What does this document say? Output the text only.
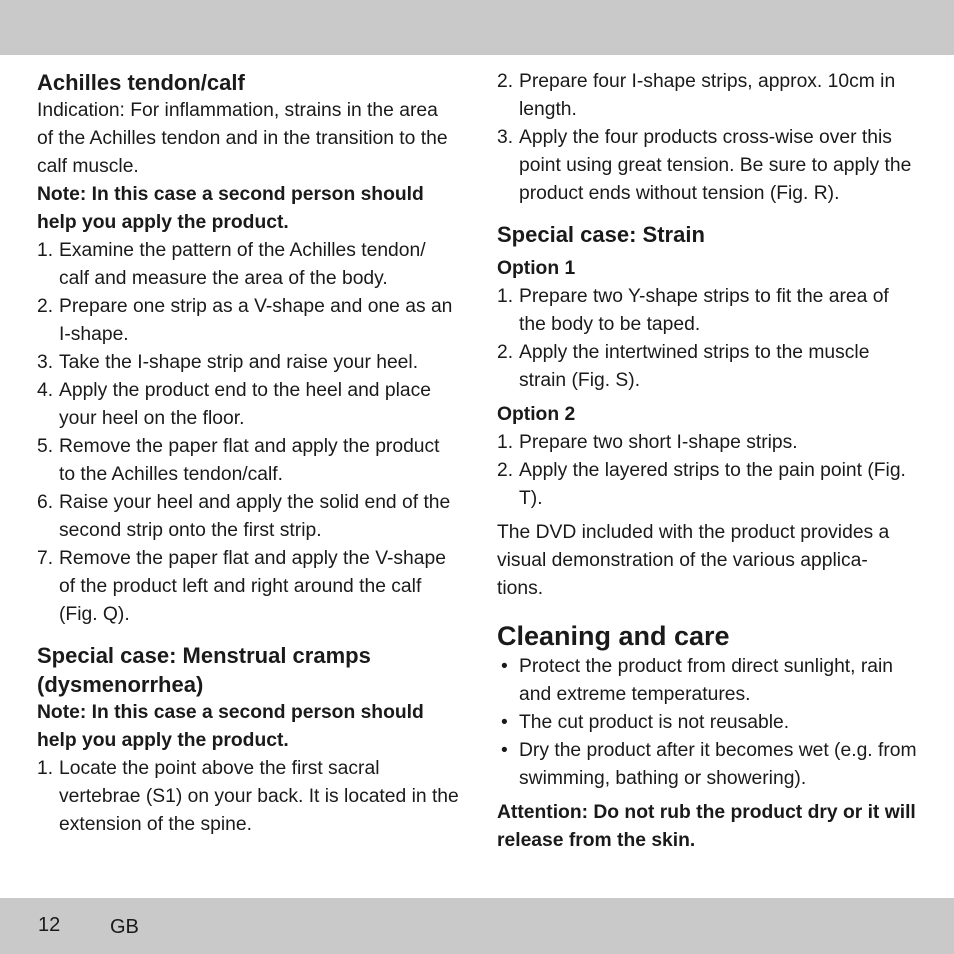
Achilles tendon/calf

Indication: For inflammation, strains in the area of the Achilles tendon and in the transition to the calf muscle.

Note: In this case a second person should help you apply the product.

1. Examine the pattern of the Achilles tendon/ calf and measure the area of the body.
2. Prepare one strip as a V-shape and one as an I-shape.
3. Take the I-shape strip and raise your heel.
4. Apply the product end to the heel and place your heel on the floor.
5. Remove the paper flat and apply the product to the Achilles tendon/calf.
6. Raise your heel and apply the solid end of the second strip onto the first strip.
7. Remove the paper flat and apply the V-shape of the product left and right around the calf (Fig. Q).
Special case: Menstrual cramps (dysmenorrhea)

Note: In this case a second person should help you apply the product.

1. Locate the point above the first sacral vertebrae (S1) on your back. It is located in the extension of the spine.
2. Prepare four I-shape strips, approx. 10cm in length.
3. Apply the four products cross-wise over this point using great tension. Be sure to apply the product ends without tension (Fig. R).
Special case: Strain
Option 1
1. Prepare two Y-shape strips to fit the area of the body to be taped.
2. Apply the intertwined strips to the muscle strain (Fig. S).
Option 2
1. Prepare two short I-shape strips.
2. Apply the layered strips to the pain point (Fig. T).

The DVD included with the product provides a visual demonstration of the various applica- tions.

Cleaning and care
• Protect the product from direct sunlight, rain and extreme temperatures.
• The cut product is not reusable.
• Dry the product after it becomes wet (e.g. from swimming, bathing or showering).

Attention: Do not rub the product dry or it will release from the skin.

12 GB
